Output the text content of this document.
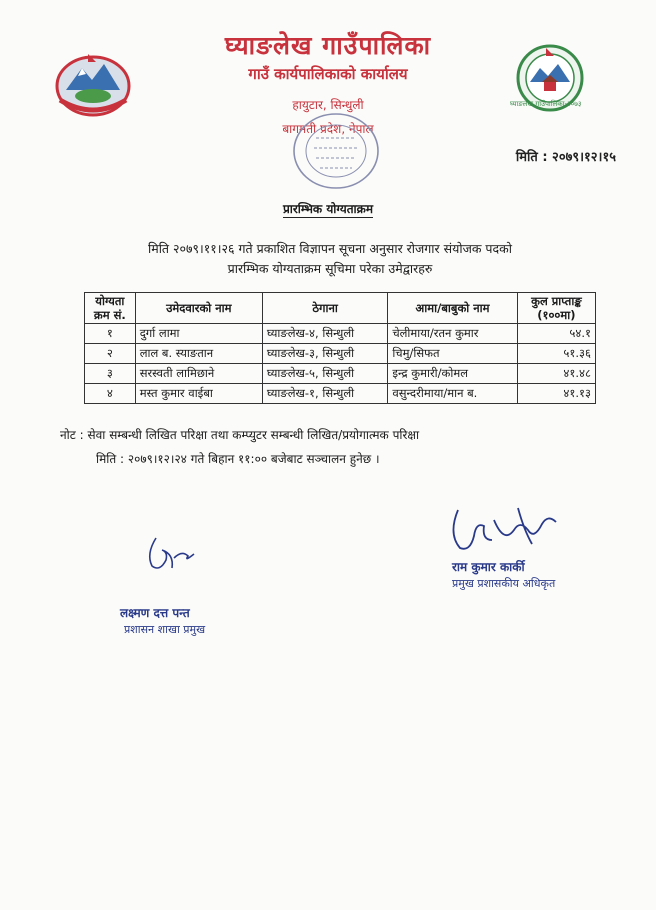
घ्याङलेख गाउँपालिका-२०७३
घ्याङलेख गाउँपालिका
गाउँ कार्यपालिकाको कार्यालय
हायुटार, सिन्धुली
बागमती प्रदेश, नेपाल
मिति : २०७९।१२।१५
प्रारम्भिक योग्यताक्रम
मिति २०७९।११।२६ गते प्रकाशित विज्ञापन सूचना अनुसार रोजगार संयोजक पदको
प्रारम्भिक योग्यताक्रम सूचिमा परेका उमेद्वारहरु
योग्यता क्रम सं.	उमेदवारको नाम	ठेगाना	आमा/बाबुको नाम	कुल प्राप्ताङ्क (१००मा)
१	दुर्गा लामा	घ्याङलेख-४, सिन्धुली	चेलीमाया/रतन कुमार	५४.१
२	लाल ब. स्याङतान	घ्याङलेख-३, सिन्धुली	चिमु/सिफत	५१.३६
३	सरस्वती लामिछाने	घ्याङलेख-५, सिन्धुली	इन्द्र कुमारी/कोमल	४१.४८
४	मस्त कुमार वाईबा	घ्याङलेख-१, सिन्धुली	वसुन्दरीमाया/मान ब.	४१.१३
नोट : सेवा सम्बन्धी लिखित परिक्षा तथा कम्प्युटर सम्बन्धी लिखित/प्रयोगात्मक परिक्षा
मिति : २०७९।१२।२४ गते बिहान ११:०० बजेबाट सञ्चालन हुनेछ ।
लक्ष्मण दत्त पन्त
प्रशासन शाखा प्रमुख
राम कुमार कार्की
प्रमुख प्रशासकीय अधिकृत
